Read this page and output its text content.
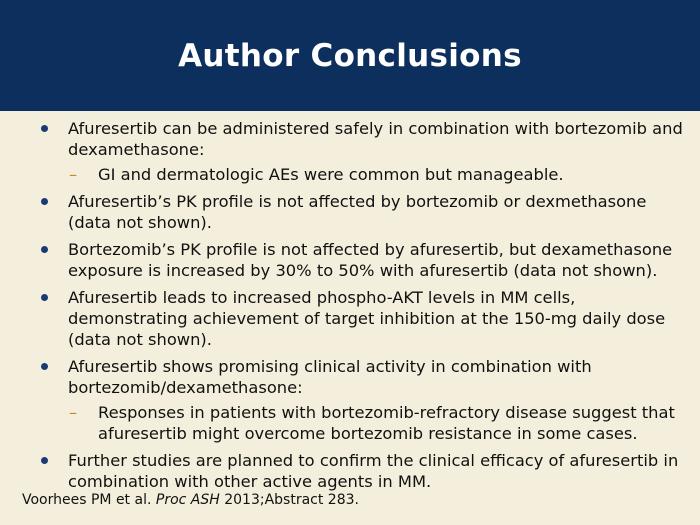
Author Conclusions
Afuresertib can be administered safely in combination with bortezomib and dexamethasone:
– GI and dermatologic AEs were common but manageable.
Afuresertib’s PK profile is not affected by bortezomib or dexmethasone (data not shown).
Bortezomib’s PK profile is not affected by afuresertib, but dexamethasone exposure is increased by 30% to 50% with afuresertib (data not shown).
Afuresertib leads to increased phospho-AKT levels in MM cells, demonstrating achievement of target inhibition at the 150-mg daily dose (data not shown).
Afuresertib shows promising clinical activity in combination with bortezomib/dexamethasone:
– Responses in patients with bortezomib-refractory disease suggest that afuresertib might overcome bortezomib resistance in some cases.
Further studies are planned to confirm the clinical efficacy of afuresertib in combination with other active agents in MM.
Voorhees PM et al. Proc ASH 2013;Abstract 283.
